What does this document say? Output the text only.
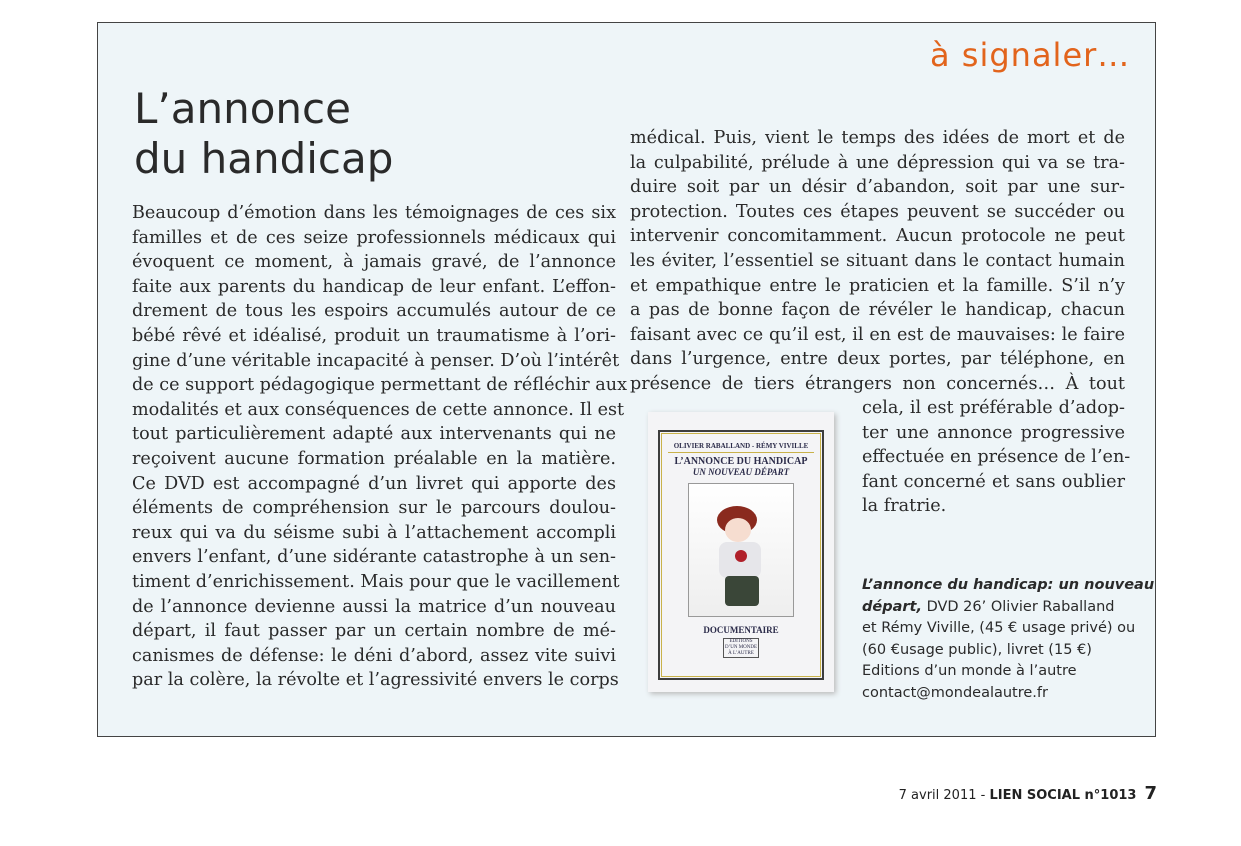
à signaler…
L’annonce
du handicap
Beaucoup d’émotion dans les témoignages de ces six
familles et de ces seize professionnels médicaux qui
évoquent ce moment, à jamais gravé, de l’annonce
faite aux parents du handicap de leur enfant. L’effon-
drement de tous les espoirs accumulés autour de ce
bébé rêvé et idéalisé, produit un traumatisme à l’ori-
gine d’une véritable incapacité à penser. D’où l’intérêt
de ce support pédagogique permettant de réfléchir aux
modalités et aux conséquences de cette annonce. Il est
tout particulièrement adapté aux intervenants qui ne
reçoivent aucune formation préalable en la matière.
Ce DVD est accompagné d’un livret qui apporte des
éléments de compréhension sur le parcours doulou-
reux qui va du séisme subi à l’attachement accompli
envers l’enfant, d’une sidérante catastrophe à un sen-
timent d’enrichissement. Mais pour que le vacillement
de l’annonce devienne aussi la matrice d’un nouveau
départ, il faut passer par un certain nombre de mé-
canismes de défense: le déni d’abord, assez vite suivi
par la colère, la révolte et l’agressivité envers le corps
médical. Puis, vient le temps des idées de mort et de
la culpabilité, prélude à une dépression qui va se tra-
duire soit par un désir d’abandon, soit par une sur-
protection. Toutes ces étapes peuvent se succéder ou
intervenir concomitamment. Aucun protocole ne peut
les éviter, l’essentiel se situant dans le contact humain
et empathique entre le praticien et la famille. S’il n’y
a pas de bonne façon de révéler le handicap, chacun
faisant avec ce qu’il est, il en est de mauvaises: le faire
dans l’urgence, entre deux portes, par téléphone, en
présence de tiers étrangers non concernés… À tout
cela, il est préférable d’adop-
ter une annonce progressive
effectuée en présence de l’en-
fant concerné et sans oublier
la fratrie.
OLIVIER RABALLAND - RÉMY VIVILLE
L’ANNONCE DU HANDICAP
UN NOUVEAU DÉPART
DOCUMENTAIRE
EDITIONS D’UN MONDE À L’AUTRE
L’annonce du handicap: un nouveau
départ, DVD 26’ Olivier Raballand
et Rémy Viville, (45 € usage privé) ou
(60 €usage public), livret (15 €)
Editions d’un monde à l’autre
contact@mondealautre.fr
7 avril 2011 - LIEN SOCIAL n°1013 7
